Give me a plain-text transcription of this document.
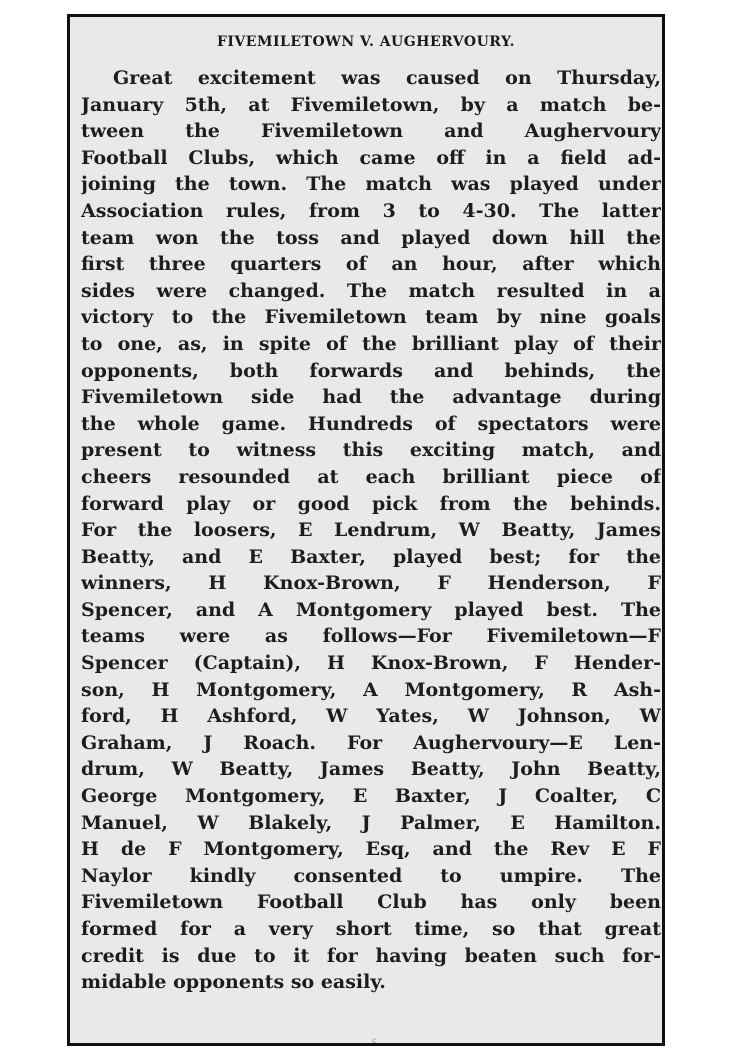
FIVEMILETOWN V. AUGHERVOURY.
Great excitement was caused on Thursday,
January 5th, at Fivemiletown, by a match be-
tween the Fivemiletown and Aughervoury
Football Clubs, which came off in a field ad-
joining the town. The match was played under
Association rules, from 3 to 4-30. The latter
team won the toss and played down hill the
first three quarters of an hour, after which
sides were changed. The match resulted in a
victory to the Fivemiletown team by nine goals
to one, as, in spite of the brilliant play of their
opponents, both forwards and behinds, the
Fivemiletown side had the advantage during
the whole game. Hundreds of spectators were
present to witness this exciting match, and
cheers resounded at each brilliant piece of
forward play or good pick from the behinds.
For the loosers, E Lendrum, W Beatty, James
Beatty, and E Baxter, played best; for the
winners, H Knox-Brown, F Henderson, F
Spencer, and A Montgomery played best. The
teams were as follows—For Fivemiletown—F
Spencer (Captain), H Knox-Brown, F Hender-
son, H Montgomery, A Montgomery, R Ash-
ford, H Ashford, W Yates, W Johnson, W
Graham, J Roach. For Aughervoury—E Len-
drum, W Beatty, James Beatty, John Beatty,
George Montgomery, E Baxter, J Coalter, C
Manuel, W Blakely, J Palmer, E Hamilton.
H de F Montgomery, Esq, and the Rev E F
Naylor kindly consented to umpire. The
Fivemiletown Football Club has only been
formed for a very short time, so that great
credit is due to it for having beaten such for-
midable opponents so easily.
c
